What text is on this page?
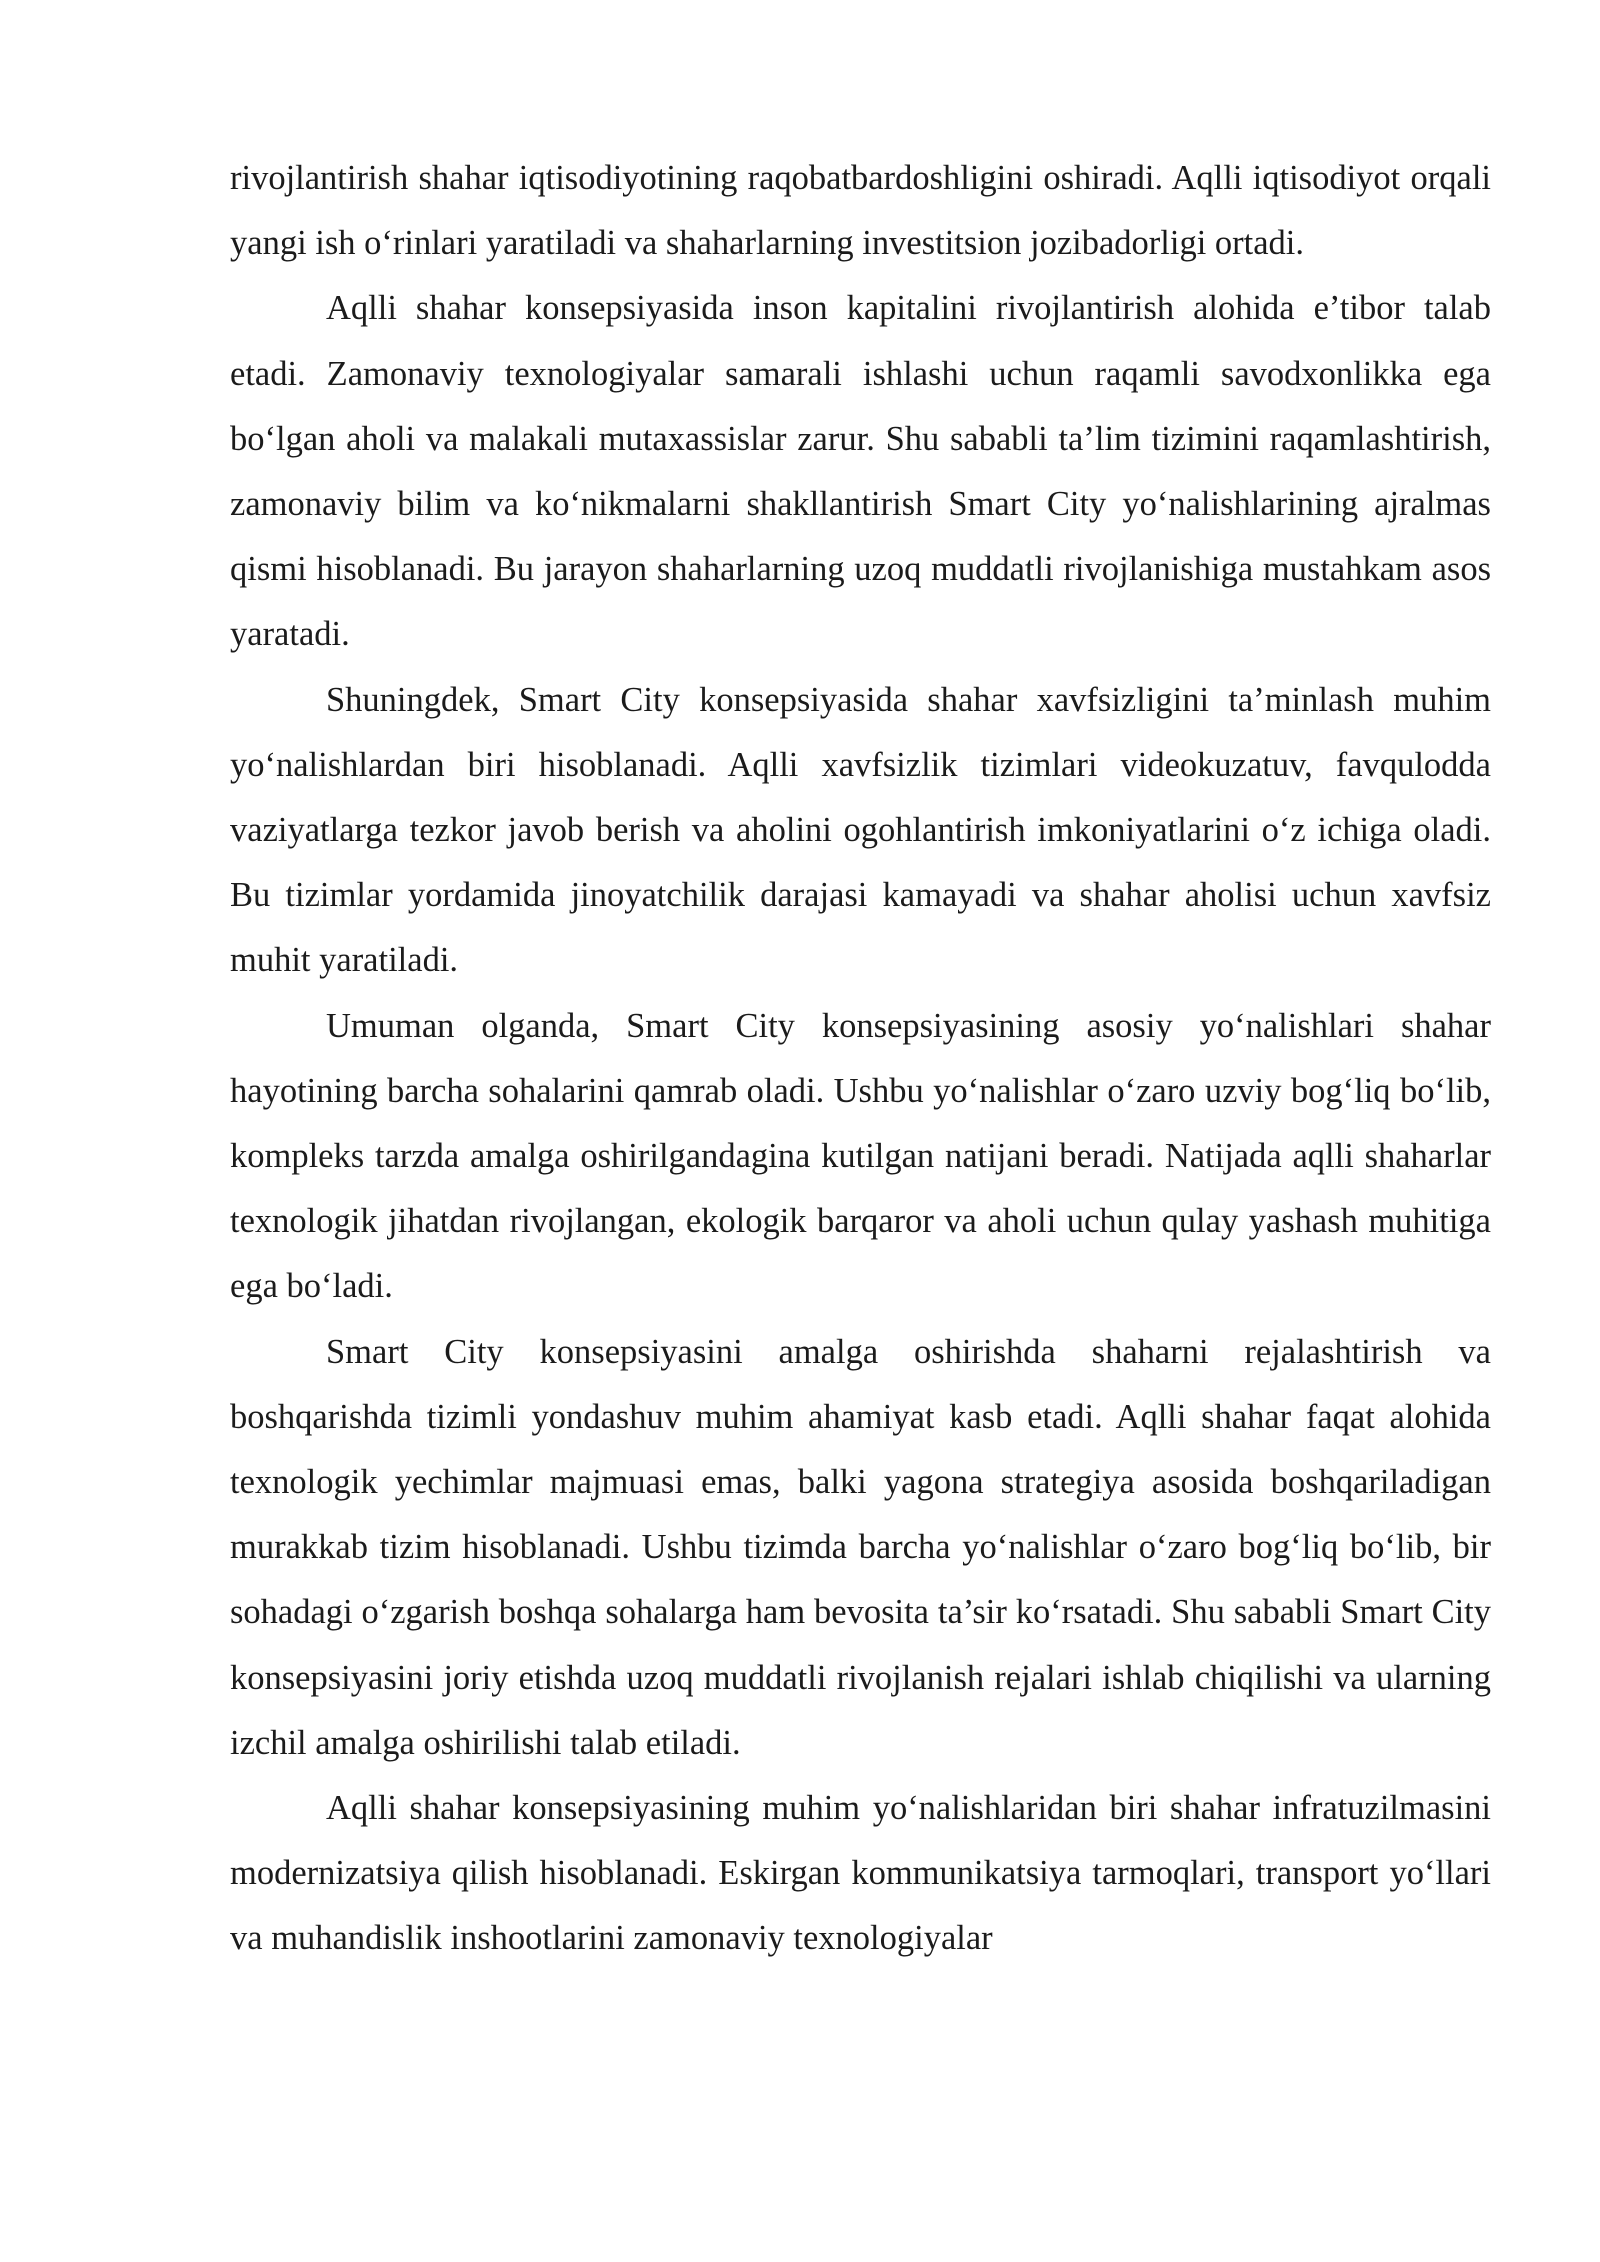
rivojlantirish shahar iqtisodiyotining raqobatbardoshligini oshiradi. Aqlli iqtisodiyot orqali yangi ish o‘rinlari yaratiladi va shaharlarning investitsion jozibadorligi ortadi.

Aqlli shahar konsepsiyasida inson kapitalini rivojlantirish alohida e’tibor talab etadi. Zamonaviy texnologiyalar samarali ishlashi uchun raqamli savodxonlikka ega bo‘lgan aholi va malakali mutaxassislar zarur. Shu sababli ta’lim tizimini raqamlashtirish, zamonaviy bilim va ko‘nikmalarni shakllantirish Smart City yo‘nalishlarining ajralmas qismi hisoblanadi. Bu jarayon shaharlarning uzoq muddatli rivojlanishiga mustahkam asos yaratadi.

Shuningdek, Smart City konsepsiyasida shahar xavfsizligini ta’minlash muhim yo‘nalishlardan biri hisoblanadi. Aqlli xavfsizlik tizimlari videokuzatuv, favqulodda vaziyatlarga tezkor javob berish va aholini ogohlantirish imkoniyatlarini o‘z ichiga oladi. Bu tizimlar yordamida jinoyatchilik darajasi kamayadi va shahar aholisi uchun xavfsiz muhit yaratiladi.

Umuman olganda, Smart City konsepsiyasining asosiy yo‘nalishlari shahar hayotining barcha sohalarini qamrab oladi. Ushbu yo‘nalishlar o‘zaro uzviy bog‘liq bo‘lib, kompleks tarzda amalga oshirilgandagina kutilgan natijani beradi. Natijada aqlli shaharlar texnologik jihatdan rivojlangan, ekologik barqaror va aholi uchun qulay yashash muhitiga ega bo‘ladi.

Smart City konsepsiyasini amalga oshirishda shaharni rejalashtirish va boshqarishda tizimli yondashuv muhim ahamiyat kasb etadi. Aqlli shahar faqat alohida texnologik yechimlar majmuasi emas, balki yagona strategiya asosida boshqariladigan murakkab tizim hisoblanadi. Ushbu tizimda barcha yo‘nalishlar o‘zaro bog‘liq bo‘lib, bir sohadagi o‘zgarish boshqa sohalarga ham bevosita ta’sir ko‘rsatadi. Shu sababli Smart City konsepsiyasini joriy etishda uzoq muddatli rivojlanish rejalari ishlab chiqilishi va ularning izchil amalga oshirilishi talab etiladi.

Aqlli shahar konsepsiyasining muhim yo‘nalishlaridan biri shahar infratuzilmasini modernizatsiya qilish hisoblanadi. Eskirgan kommunikatsiya tarmoqlari, transport yo‘llari va muhandislik inshootlarini zamonaviy texnologiyalar
